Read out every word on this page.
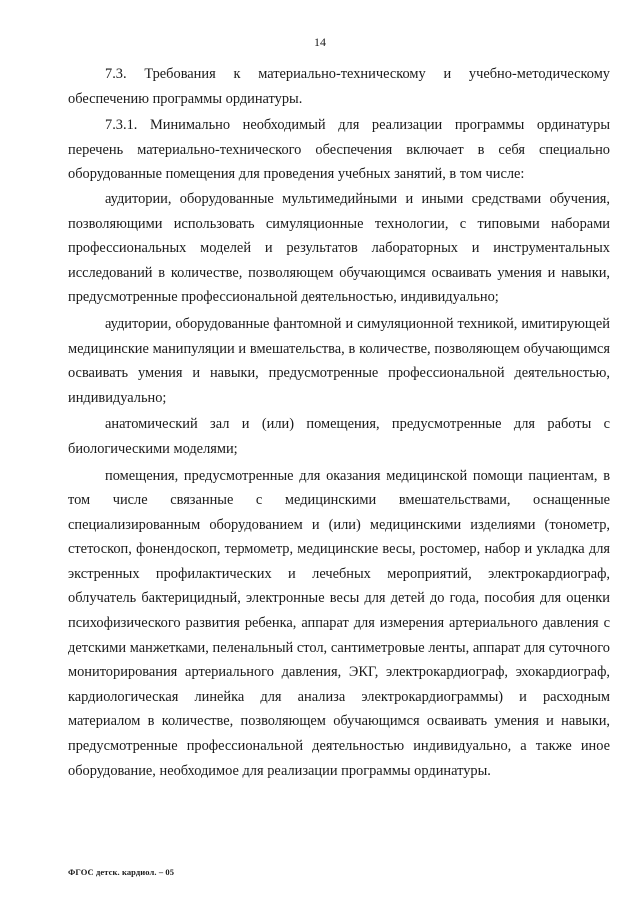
14

7.3. Требования к материально-техническому и учебно-методическому обеспечению программы ординатуры.

7.3.1. Минимально необходимый для реализации программы ординатуры перечень материально-технического обеспечения включает в себя специально оборудованные помещения для проведения учебных занятий, в том числе:

аудитории, оборудованные мультимедийными и иными средствами обучения, позволяющими использовать симуляционные технологии, с типовыми наборами профессиональных моделей и результатов лабораторных и инструментальных исследований в количестве, позволяющем обучающимся осваивать умения и навыки, предусмотренные профессиональной деятельностью, индивидуально;

аудитории, оборудованные фантомной и симуляционной техникой, имитирующей медицинские манипуляции и вмешательства, в количестве, позволяющем обучающимся осваивать умения и навыки, предусмотренные профессиональной деятельностью, индивидуально;

анатомический зал и (или) помещения, предусмотренные для работы с биологическими моделями;

помещения, предусмотренные для оказания медицинской помощи пациентам, в том числе связанные с медицинскими вмешательствами, оснащенные специализированным оборудованием и (или) медицинскими изделиями (тонометр, стетоскоп, фонендоскоп, термометр, медицинские весы, ростомер, набор и укладка для экстренных профилактических и лечебных мероприятий, электрокардиограф, облучатель бактерицидный, электронные весы для детей до года, пособия для оценки психофизического развития ребенка, аппарат для измерения артериального давления с детскими манжетками, пеленальный стол, сантиметровые ленты, аппарат для суточного мониторирования артериального давления, ЭКГ, электрокардиограф, эхокардиограф, кардиологическая линейка для анализа электрокардиограммы) и расходным материалом в количестве, позволяющем обучающимся осваивать умения и навыки, предусмотренные профессиональной деятельностью индивидуально, а также иное оборудование, необходимое для реализации программы ординатуры.

ФГОС детск. кардиол. – 05
